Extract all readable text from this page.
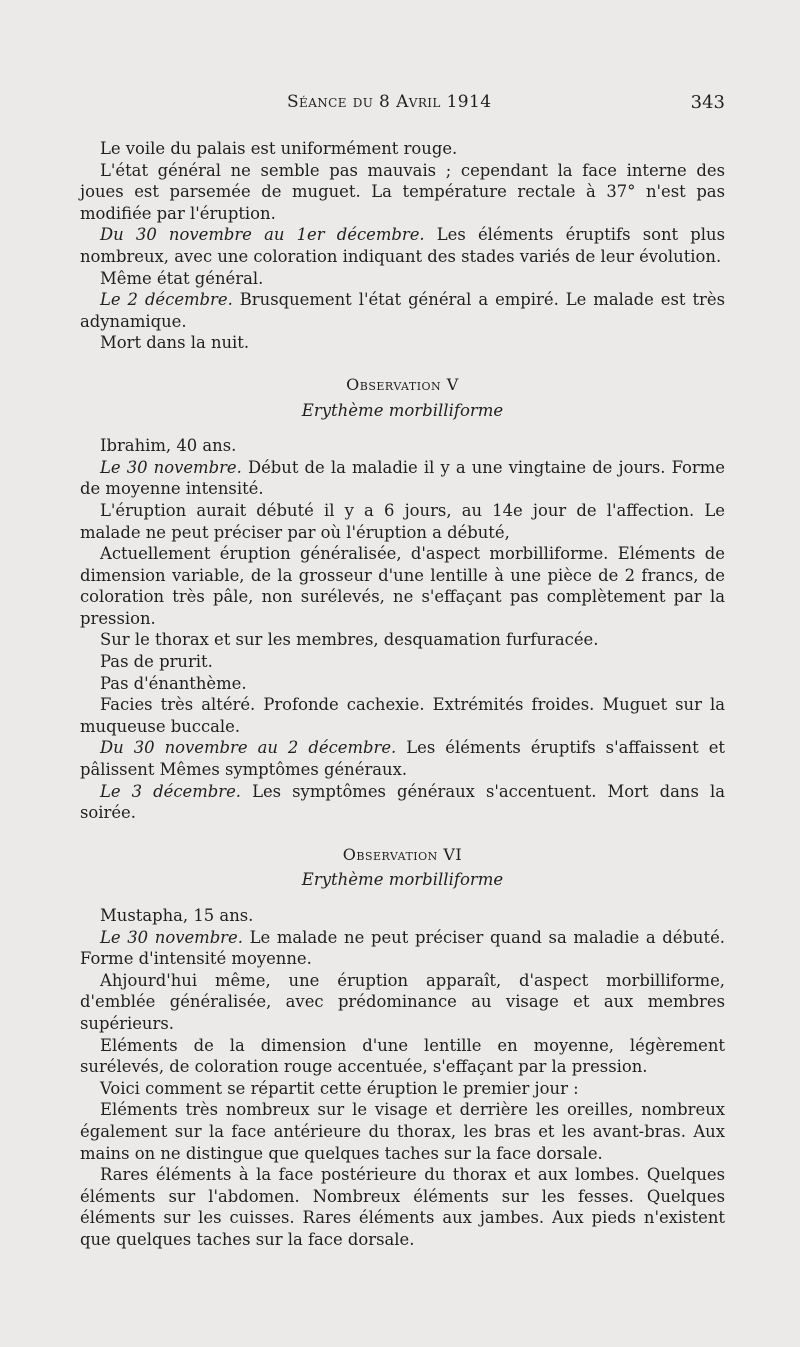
Séance du 8 Avril 1914	343

Le voile du palais est uniformément rouge.

L'état général ne semble pas mauvais ; cependant la face interne des joues est parsemée de muguet. La température rectale à 37° n'est pas modifiée par l'éruption.

Du 30 novembre au 1er décembre. Les éléments éruptifs sont plus nombreux, avec une coloration indiquant des stades variés de leur évolution.

Même état général.

Le 2 décembre. Brusquement l'état général a empiré. Le malade est très adynamique.

Mort dans la nuit.

Observation V

Erythème morbilliforme

Ibrahim, 40 ans.

Le 30 novembre. Début de la maladie il y a une vingtaine de jours. Forme de moyenne intensité.

L'éruption aurait débuté il y a 6 jours, au 14e jour de l'affection. Le malade ne peut préciser par où l'éruption a débuté,

Actuellement éruption généralisée, d'aspect morbilliforme. Eléments de dimension variable, de la grosseur d'une lentille à une pièce de 2 francs, de coloration très pâle, non surélevés, ne s'effaçant pas complètement par la pression.

Sur le thorax et sur les membres, desquamation furfuracée.

Pas de prurit.

Pas d'énanthème.

Facies très altéré. Profonde cachexie. Extrémités froides. Muguet sur la muqueuse buccale.

Du 30 novembre au 2 décembre. Les éléments éruptifs s'affaissent et pâlissent Mêmes symptômes généraux.

Le 3 décembre. Les symptômes généraux s'accentuent. Mort dans la soirée.

Observation VI

Erythème morbilliforme

Mustapha, 15 ans.

Le 30 novembre. Le malade ne peut préciser quand sa maladie a débuté. Forme d'intensité moyenne.

Ahjourd'hui même, une éruption apparaît, d'aspect morbilliforme, d'emblée généralisée, avec prédominance au visage et aux membres supérieurs.

Eléments de la dimension d'une lentille en moyenne, légèrement surélevés, de coloration rouge accentuée, s'effaçant par la pression.

Voici comment se répartit cette éruption le premier jour :

Eléments très nombreux sur le visage et derrière les oreilles, nombreux également sur la face antérieure du thorax, les bras et les avant-bras. Aux mains on ne distingue que quelques taches sur la face dorsale.

Rares éléments à la face postérieure du thorax et aux lombes. Quelques éléments sur l'abdomen. Nombreux éléments sur les fesses. Quelques éléments sur les cuisses. Rares éléments aux jambes. Aux pieds n'existent que quelques taches sur la face dorsale.
